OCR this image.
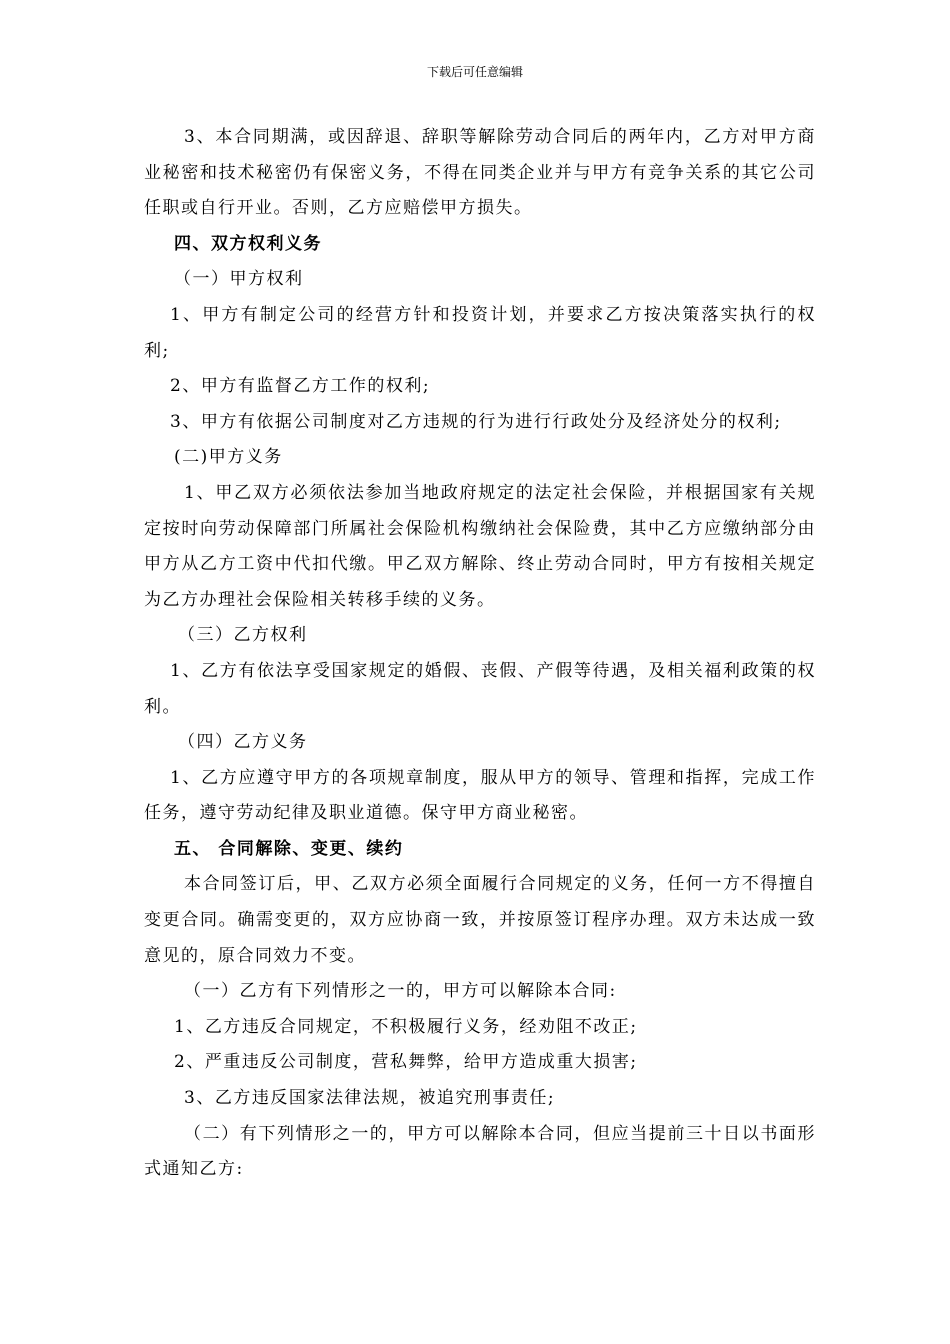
下载后可任意编辑

3、本合同期满，或因辞退、辞职等解除劳动合同后的两年内，乙方对甲方商业秘密和技术秘密仍有保密义务，不得在同类企业并与甲方有竞争关系的其它公司任职或自行开业。否则，乙方应赔偿甲方损失。

四、双方权利义务

（一）甲方权利

1、甲方有制定公司的经营方针和投资计划，并要求乙方按决策落实执行的权利;

2、甲方有监督乙方工作的权利;

3、甲方有依据公司制度对乙方违规的行为进行行政处分及经济处分的权利;

(二)甲方义务

1、甲乙双方必须依法参加当地政府规定的法定社会保险，并根据国家有关规定按时向劳动保障部门所属社会保险机构缴纳社会保险费，其中乙方应缴纳部分由甲方从乙方工资中代扣代缴。甲乙双方解除、终止劳动合同时，甲方有按相关规定为乙方办理社会保险相关转移手续的义务。

（三）乙方权利

1、乙方有依法享受国家规定的婚假、丧假、产假等待遇，及相关福利政策的权利。

（四）乙方义务

1、乙方应遵守甲方的各项规章制度，服从甲方的领导、管理和指挥，完成工作任务，遵守劳动纪律及职业道德。保守甲方商业秘密。

五、 合同解除、变更、续约

本合同签订后，甲、乙双方必须全面履行合同规定的义务，任何一方不得擅自变更合同。确需变更的，双方应协商一致，并按原签订程序办理。双方未达成一致意见的，原合同效力不变。

（一）乙方有下列情形之一的，甲方可以解除本合同:

1、乙方违反合同规定，不积极履行义务，经劝阻不改正;

2、严重违反公司制度，营私舞弊，给甲方造成重大损害;

3、乙方违反国家法律法规，被追究刑事责任;

（二）有下列情形之一的，甲方可以解除本合同，但应当提前三十日以书面形式通知乙方:
